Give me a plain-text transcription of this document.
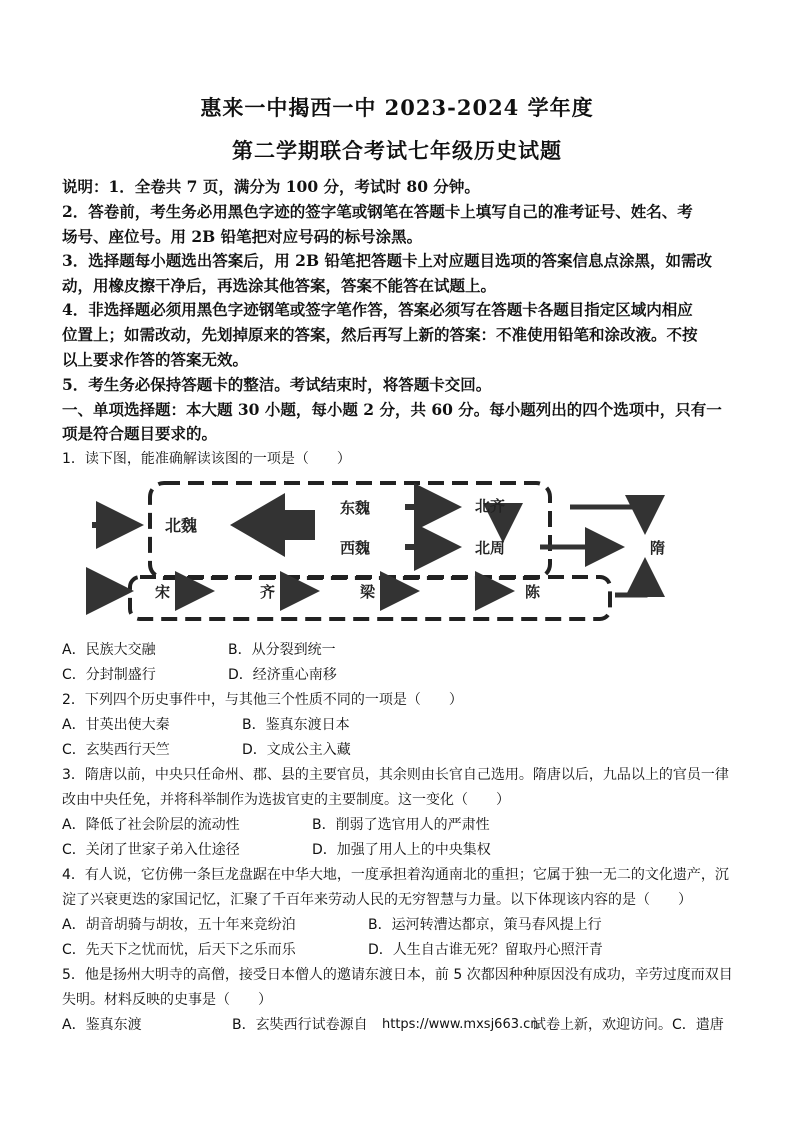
惠来一中揭西一中 2023-2024 学年度
第二学期联合考试七年级历史试题
说明：1．全卷共 7 页，满分为 100 分，考试时 80 分钟。
2．答卷前，考生务必用黑色字迹的签字笔或钢笔在答题卡上填写自己的准考证号、姓名、考
场号、座位号。用 2B 铅笔把对应号码的标号涂黑。
3．选择题每小题选出答案后，用 2B 铅笔把答题卡上对应题目选项的答案信息点涂黑，如需改
动，用橡皮擦干净后，再选涂其他答案，答案不能答在试题上。
4．非选择题必须用黑色字迹钢笔或签字笔作答，答案必须写在答题卡各题目指定区域内相应
位置上；如需改动，先划掉原来的答案，然后再写上新的答案：不准使用铅笔和涂改液。不按
以上要求作答的答案无效。
5．考生务必保持答题卡的整洁。考试结束时，将答题卡交回。
一、单项选择题：本大题 30 小题，每小题 2 分，共 60 分。每小题列出的四个选项中，只有一
项是符合题目要求的。
1．读下图，能准确解读该图的一项是（　　）
北魏
东魏	北齐
西魏	北周	隋
宋	齐	梁	陈
A．民族大交融	B．从分裂到统一
C．分封制盛行	D．经济重心南移
2．下列四个历史事件中，与其他三个性质不同的一项是（　　）
A．甘英出使大秦	B．鉴真东渡日本
C．玄奘西行天竺	D．文成公主入藏
3．隋唐以前，中央只任命州、郡、县的主要官员，其余则由长官自己选用。隋唐以后，九品以上的官员一律
改由中央任免，并将科举制作为选拔官吏的主要制度。这一变化（　　）
A．降低了社会阶层的流动性	B．削弱了选官用人的严肃性
C．关闭了世家子弟入仕途径	D．加强了用人上的中央集权
4．有人说，它仿佛一条巨龙盘踞在中华大地，一度承担着沟通南北的重担；它属于独一无二的文化遗产，沉
淀了兴衰更迭的家国记忆，汇聚了千百年来劳动人民的无穷智慧与力量。以下体现该内容的是（　　）
A．胡音胡骑与胡妆，五十年来竞纷泊	B．运河转漕达都京，策马春风提上行
C．先天下之忧而忧，后天下之乐而乐	D．人生自古谁无死？留取丹心照汗青
5．他是扬州大明寺的高僧，接受日本僧人的邀请东渡日本，前 5 次都因种种原因没有成功，辛劳过度而双目
失明。材料反映的史事是（　　）
A．鉴真东渡	B．玄奘西行试卷源自 https://www.mxsj663.cn
试卷上新，欢迎访问。C．遣唐
